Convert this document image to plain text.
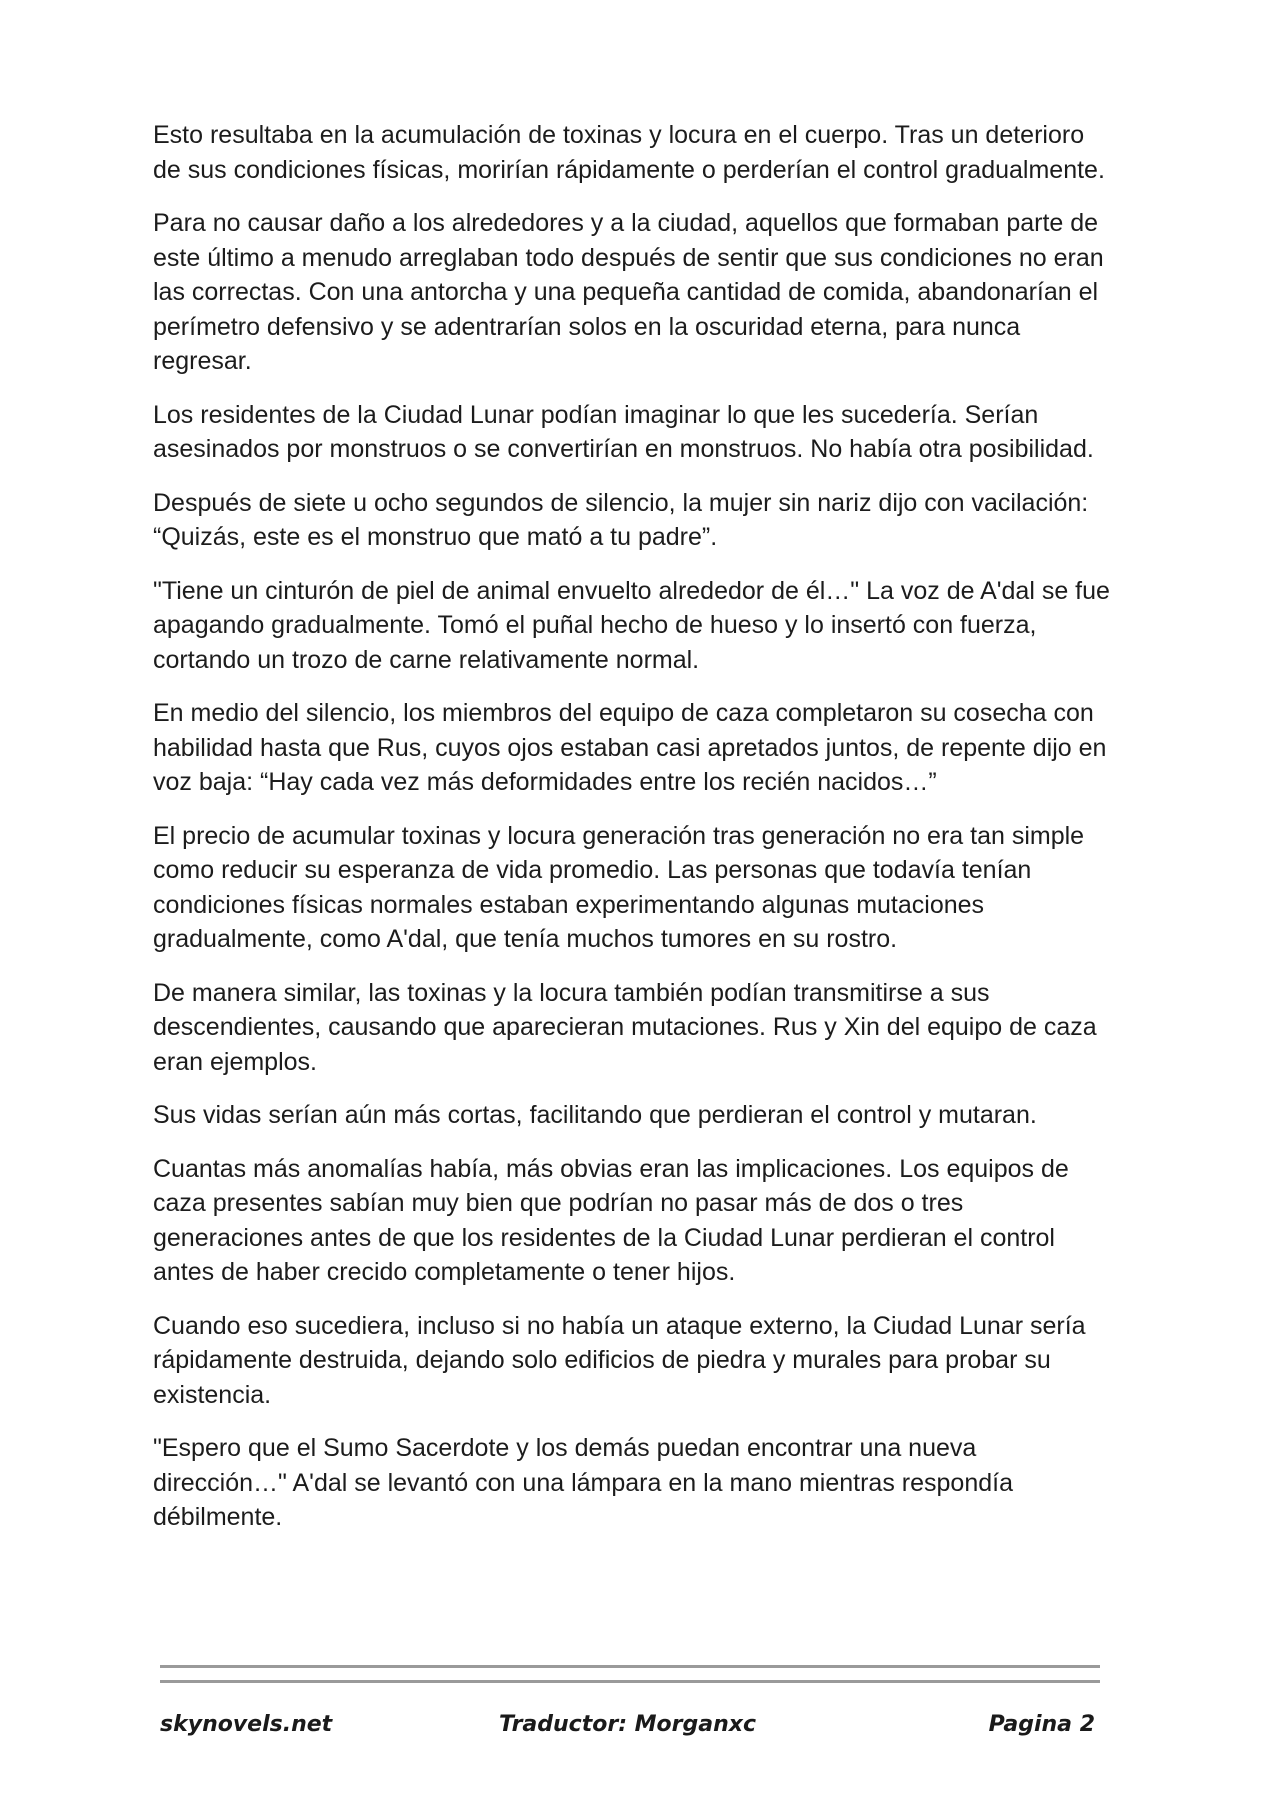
Esto resultaba en la acumulación de toxinas y locura en el cuerpo. Tras un deterioro de sus condiciones físicas, morirían rápidamente o perderían el control gradualmente.

Para no causar daño a los alrededores y a la ciudad, aquellos que formaban parte de este último a menudo arreglaban todo después de sentir que sus condiciones no eran las correctas. Con una antorcha y una pequeña cantidad de comida, abandonarían el perímetro defensivo y se adentrarían solos en la oscuridad eterna, para nunca regresar.

Los residentes de la Ciudad Lunar podían imaginar lo que les sucedería. Serían asesinados por monstruos o se convertirían en monstruos. No había otra posibilidad.

Después de siete u ocho segundos de silencio, la mujer sin nariz dijo con vacilación: “Quizás, este es el monstruo que mató a tu padre”.

"Tiene un cinturón de piel de animal envuelto alrededor de él…" La voz de A'dal se fue apagando gradualmente. Tomó el puñal hecho de hueso y lo insertó con fuerza, cortando un trozo de carne relativamente normal.

En medio del silencio, los miembros del equipo de caza completaron su cosecha con habilidad hasta que Rus, cuyos ojos estaban casi apretados juntos, de repente dijo en voz baja: “Hay cada vez más deformidades entre los recién nacidos…”

El precio de acumular toxinas y locura generación tras generación no era tan simple como reducir su esperanza de vida promedio. Las personas que todavía tenían condiciones físicas normales estaban experimentando algunas mutaciones gradualmente, como A'dal, que tenía muchos tumores en su rostro.

De manera similar, las toxinas y la locura también podían transmitirse a sus descendientes, causando que aparecieran mutaciones. Rus y Xin del equipo de caza eran ejemplos.

Sus vidas serían aún más cortas, facilitando que perdieran el control y mutaran.

Cuantas más anomalías había, más obvias eran las implicaciones. Los equipos de caza presentes sabían muy bien que podrían no pasar más de dos o tres generaciones antes de que los residentes de la Ciudad Lunar perdieran el control antes de haber crecido completamente o tener hijos.

Cuando eso sucediera, incluso si no había un ataque externo, la Ciudad Lunar sería rápidamente destruida, dejando solo edificios de piedra y murales para probar su existencia.

"Espero que el Sumo Sacerdote y los demás puedan encontrar una nueva dirección…" A'dal se levantó con una lámpara en la mano mientras respondía débilmente.

skynovels.net	Traductor: Morganxc	Pagina 2
